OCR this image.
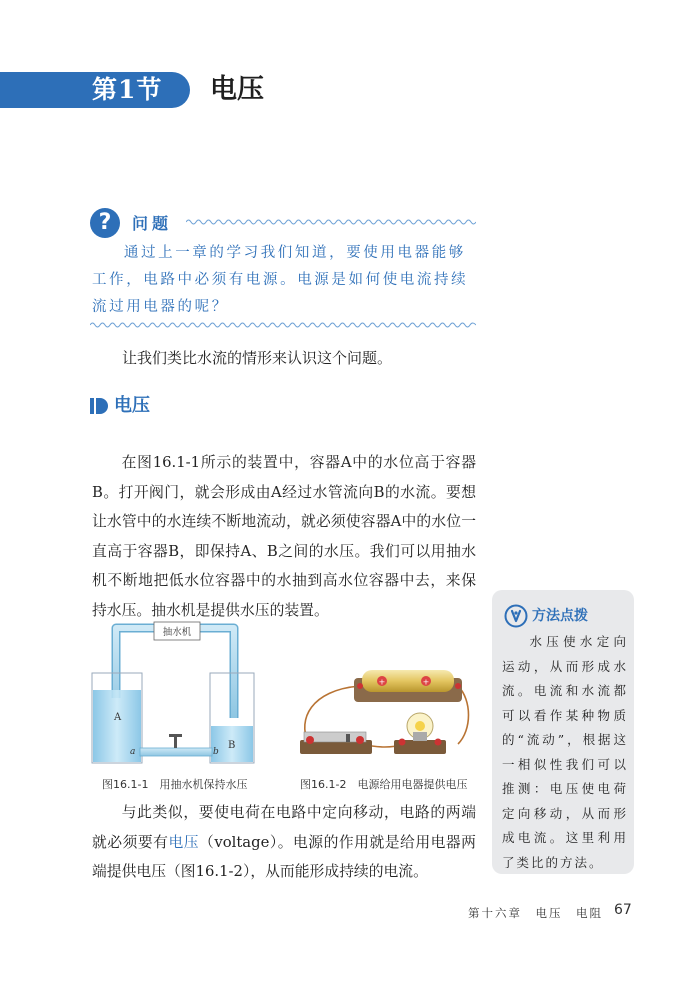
第1节 电压
?	问题

通过上一章的学习我们知道，要使用电器能够工作，电路中必须有电源。电源是如何使电流持续流过用电器的呢？

让我们类比水流的情形来认识这个问题。

电压

在图16.1-1所示的装置中，容器A中的水位高于容器B。打开阀门，就会形成由A经过水管流向B的水流。要想让水管中的水连续不断地流动，就必须使容器A中的水位一直高于容器B，即保持A、B之间的水压。我们可以用抽水机不断地把低水位容器中的水抽到高水位容器中去，来保持水压。抽水机是提供水压的装置。

抽水机
A
B
a	b
图16.1-1　用抽水机保持水压
+	+
图16.1-2　电源给用电器提供电压

与此类似，要使电荷在电路中定向移动，电路的两端就必须要有电压（voltage）。电源的作用就是给用电器两端提供电压（图16.1-2），从而能形成持续的电流。

方法点拨

水压使水定向运动，从而形成水流。电流和水流都可以看作某种物质的“流动”，根据这一相似性我们可以推测：电压使电荷定向移动，从而形成电流。这里利用了类比的方法。

第十六章　电压　电阻 67
